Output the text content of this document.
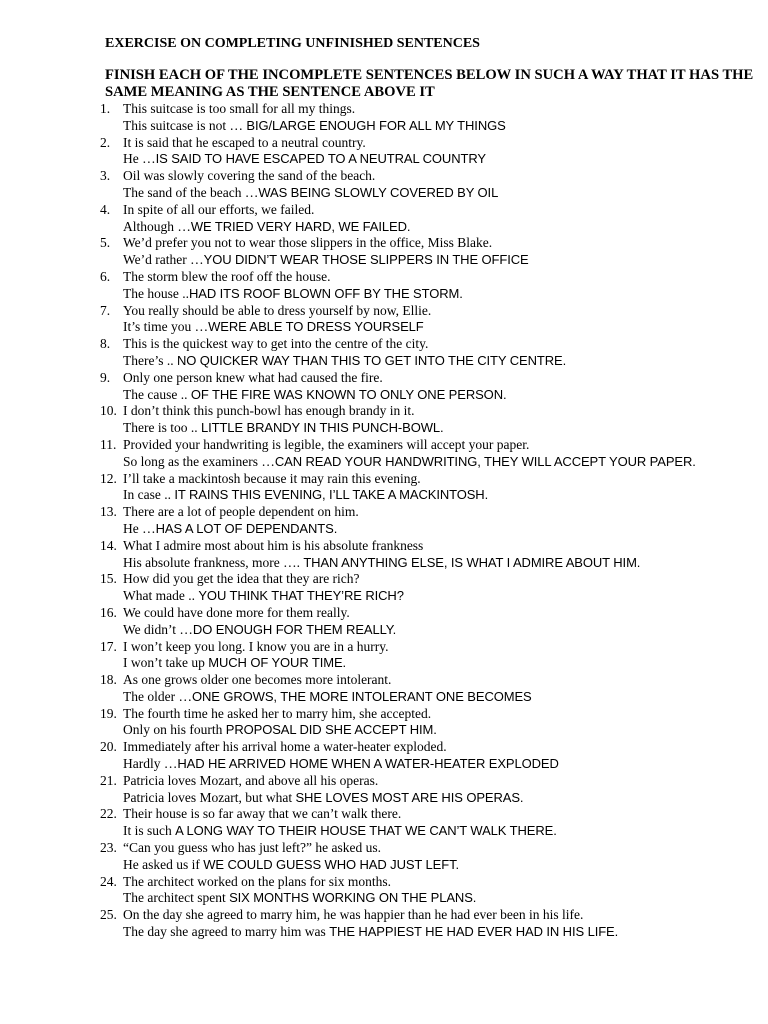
EXERCISE ON COMPLETING UNFINISHED SENTENCES
FINISH EACH OF THE INCOMPLETE SENTENCES BELOW IN SUCH A WAY THAT IT HAS THE SAME MEANING AS THE SENTENCE ABOVE IT
1. This suitcase is too small for all my things.
This suitcase is not … BIG/LARGE ENOUGH FOR ALL MY THINGS
2. It is said that he escaped to a neutral country.
He …IS SAID TO HAVE ESCAPED TO A NEUTRAL COUNTRY
3. Oil was slowly covering the sand of the beach.
The sand of the beach …WAS BEING SLOWLY COVERED BY OIL
4. In spite of all our efforts, we failed.
Although …WE TRIED VERY HARD, WE FAILED.
5. We’d prefer you not to wear those slippers in the office, Miss Blake.
We’d rather …YOU DIDN’T WEAR THOSE SLIPPERS IN THE OFFICE
6. The storm blew the roof off the house.
The house ..HAD ITS ROOF BLOWN OFF BY THE STORM.
7. You really should be able to dress yourself by now, Ellie.
It’s time you …WERE ABLE TO DRESS YOURSELF
8. This is the quickest way to get into the centre of the city.
There’s .. NO QUICKER WAY THAN THIS TO GET INTO THE CITY CENTRE.
9. Only one person knew what had caused the fire.
The cause .. OF THE FIRE WAS KNOWN TO ONLY ONE PERSON.
10. I don’t think this punch-bowl has enough brandy in it.
There is too .. LITTLE BRANDY IN THIS PUNCH-BOWL.
11. Provided your handwriting is legible, the examiners will accept your paper.
So long as the examiners …CAN READ YOUR HANDWRITING, THEY WILL ACCEPT YOUR PAPER.
12. I’ll take a mackintosh because it may rain this evening.
In case .. IT RAINS THIS EVENING, I’LL TAKE A MACKINTOSH.
13. There are a lot of people dependent on him.
He …HAS A LOT OF DEPENDANTS.
14. What I admire most about him is his absolute frankness
His absolute frankness, more …. THAN ANYTHING ELSE, IS WHAT I ADMIRE ABOUT HIM.
15. How did you get the idea that they are rich?
What made .. YOU THINK THAT THEY’RE RICH?
16. We could have done more for them really.
We didn’t …DO ENOUGH FOR THEM REALLY.
17. I won’t keep you long. I know you are in a hurry.
I won’t take up MUCH OF YOUR TIME.
18. As one grows older one becomes more intolerant.
The older …ONE GROWS, THE MORE INTOLERANT ONE BECOMES
19. The fourth time he asked her to marry him, she accepted.
Only on his fourth PROPOSAL DID SHE ACCEPT HIM.
20. Immediately after his arrival home a water-heater exploded.
Hardly …HAD HE ARRIVED HOME WHEN A WATER-HEATER EXPLODED
21. Patricia loves Mozart, and above all his operas.
Patricia loves Mozart, but what SHE LOVES MOST ARE HIS OPERAS.
22. Their house is so far away that we can’t walk there.
It is such A LONG WAY TO THEIR HOUSE THAT WE CAN’T WALK THERE.
23. “Can you guess who has just left?” he asked us.
He asked us if WE COULD GUESS WHO HAD JUST LEFT.
24. The architect worked on the plans for six months.
The architect spent SIX MONTHS WORKING ON THE PLANS.
25. On the day she agreed to marry him, he was happier than he had ever been in his life.
The day she agreed to marry him was THE HAPPIEST HE HAD EVER HAD IN HIS LIFE.
